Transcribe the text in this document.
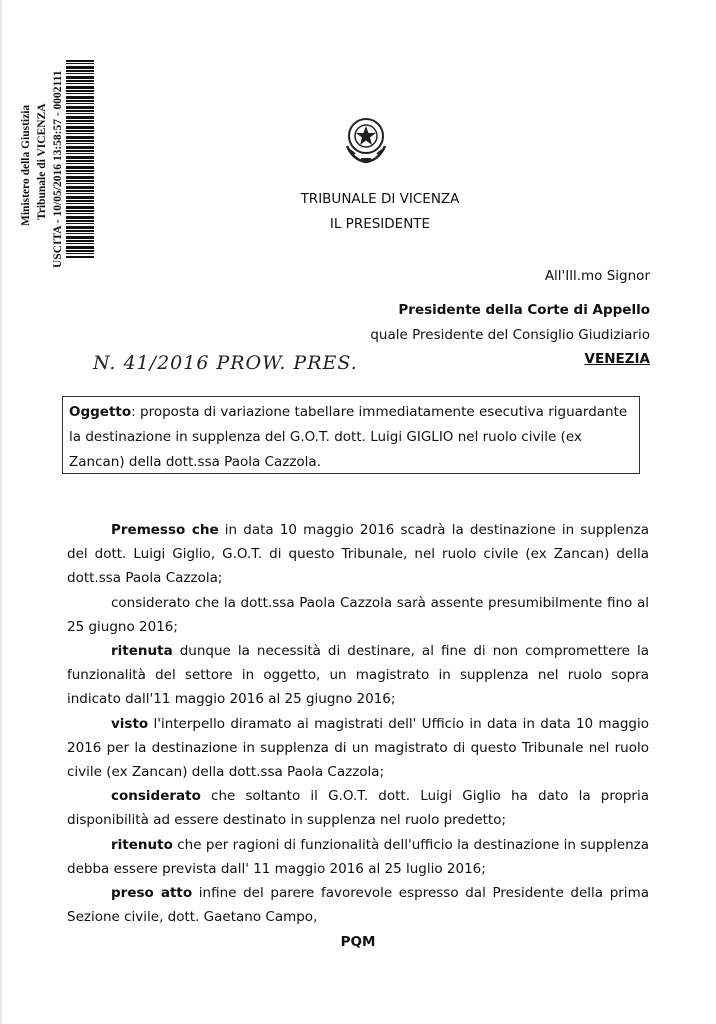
Ministero della Giustizia Tribunale di VICENZA USCITA - 10/05/2016 13:58:57 - 0002111	TRIBUNALE DI VICENZA
IL PRESIDENTE
All'Ill.mo Signor
Presidente della Corte di Appello
quale Presidente del Consiglio Giudiziario
VENEZIA
N. 41/2016 PROW. PRES.
Oggetto: proposta di variazione tabellare immediatamente esecutiva riguardante la destinazione in supplenza del G.O.T. dott. Luigi GIGLIO nel ruolo civile (ex Zancan) della dott.ssa Paola Cazzola.

Premesso che in data 10 maggio 2016 scadrà la destinazione in supplenza del dott. Luigi Giglio, G.O.T. di questo Tribunale, nel ruolo civile (ex Zancan) della dott.ssa Paola Cazzola;

considerato che la dott.ssa Paola Cazzola sarà assente presumibilmente fino al 25 giugno 2016;

ritenuta dunque la necessità di destinare, al fine di non compromettere la funzionalità del settore in oggetto, un magistrato in supplenza nel ruolo sopra indicato dall'11 maggio 2016 al 25 giugno 2016;

visto l'interpello diramato ai magistrati dell' Ufficio in data in data 10 maggio 2016 per la destinazione in supplenza di un magistrato di questo Tribunale nel ruolo civile (ex Zancan) della dott.ssa Paola Cazzola;

considerato che soltanto il G.O.T. dott. Luigi Giglio ha dato la propria disponibilità ad essere destinato in supplenza nel ruolo predetto;

ritenuto che per ragioni di funzionalità dell'ufficio la destinazione in supplenza debba essere prevista dall' 11 maggio 2016 al 25 luglio 2016;

preso atto infine del parere favorevole espresso dal Presidente della prima Sezione civile, dott. Gaetano Campo,

PQM
